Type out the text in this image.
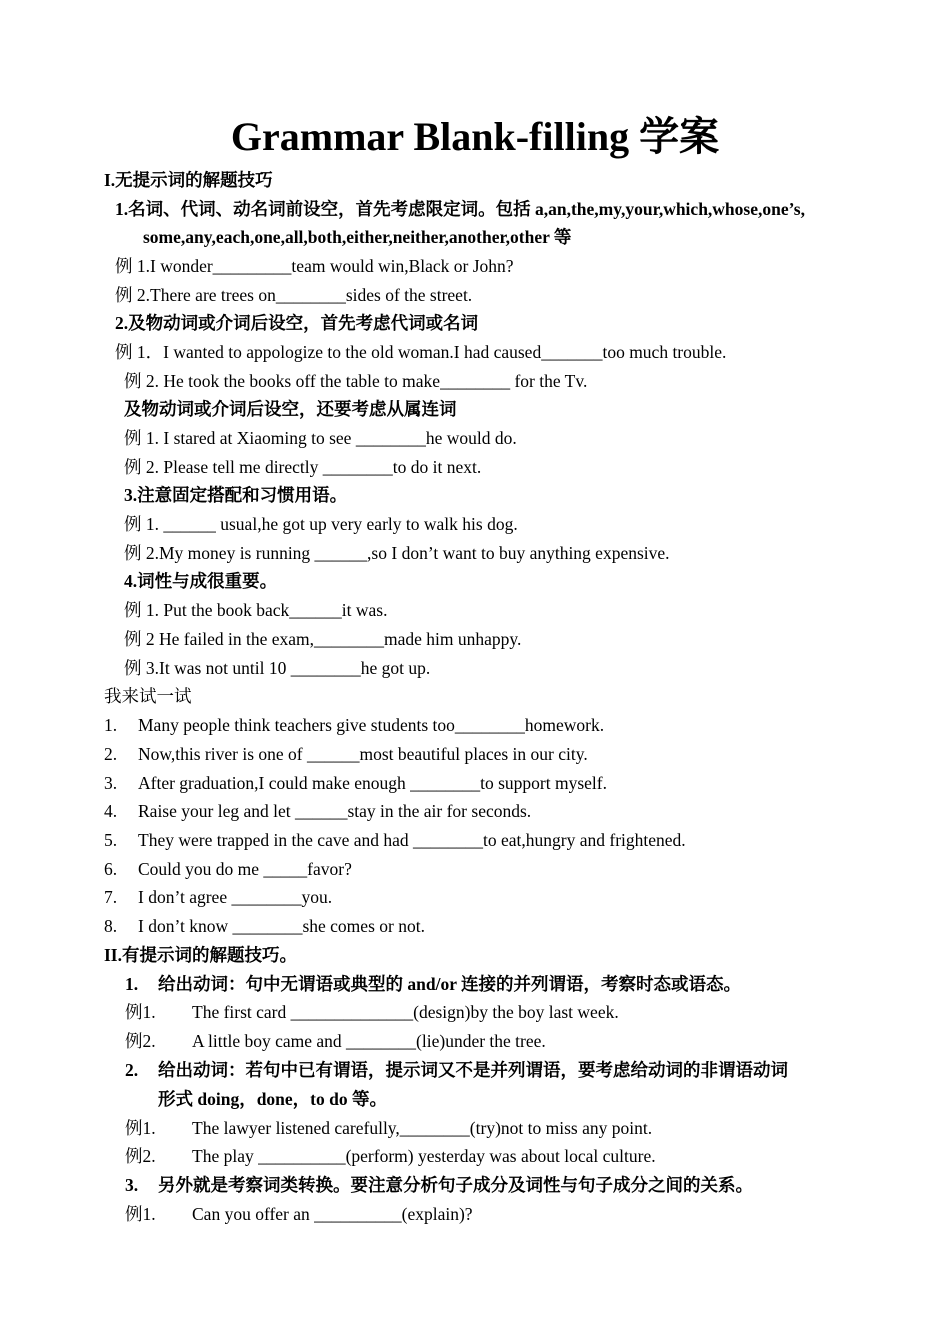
Grammar Blank-filling 学案
I.无提示词的解题技巧
1.名词、代词、动名词前设空，首先考虑限定词。包括 a,an,the,my,your,which,whose,one’s,
some,any,each,one,all,both,either,neither,another,other 等
例 1.I wonder_________team would win,Black or John?
例 2.There are trees on________sides of the street.
2.及物动词或介词后设空，首先考虑代词或名词
例 1．I wanted to appologize to the old woman.I had caused_______too much trouble.
例 2. He took the books off the table to make________ for the Tv.
及物动词或介词后设空，还要考虑从属连词
例 1. I stared at Xiaoming to see ________he would do.
例 2. Please tell me directly ________to do it next.
3.注意固定搭配和习惯用语。
例 1. ______ usual,he got up very early to walk his dog.
例 2.My money is running ______,so I don’t want to buy anything expensive.
4.词性与成很重要。
例 1. Put the book back______it was.
例 2 He failed in the exam,________made him unhappy.
例 3.It was not until 10 ________he got up.
我来试一试
1. Many people think teachers give students too________homework.
2. Now,this river is one of ______most beautiful places in our city.
3. After graduation,I could make enough ________to support myself.
4. Raise your leg and let ______stay in the air for seconds.
5. They were trapped in the cave and had ________to eat,hungry and frightened.
6. Could you do me _____favor?
7. I don’t agree ________you.
8. I don’t know ________she comes or not.
II.有提示词的解题技巧。
1. 给出动词：句中无谓语或典型的 and/or 连接的并列谓语，考察时态或语态。
例1. The first card ______________(design)by the boy last week.
例2. A little boy came and ________(lie)under the tree.
2. 给出动词：若句中已有谓语，提示词又不是并列谓语，要考虑给动词的非谓语动词
形式 doing，done，to do 等。
例1. The lawyer listened carefully,________(try)not to miss any point.
例2. The play __________(perform) yesterday was about local culture.
3. 另外就是考察词类转换。要注意分析句子成分及词性与句子成分之间的关系。
例1. Can you offer an __________(explain)?
